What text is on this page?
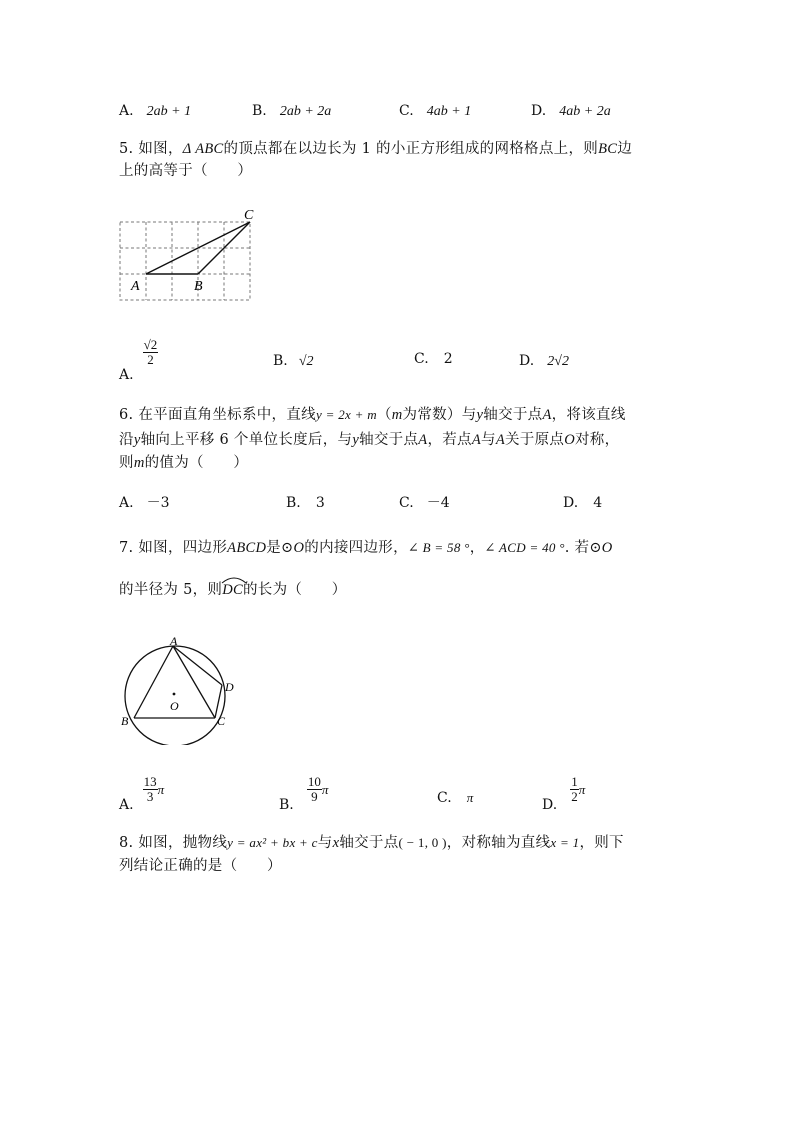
A. 2ab + 1	B. 2ab + 2a	C. 4ab + 1	D. 4ab + 2a
5. 如图，Δ ABC的顶点都在以边长为 1 的小正方形组成的网格格点上，则BC边
上的高等于（　　）
A	B
C
A.
$\frac{√2}{2}$	B. √2	C. 2	D. 2√2
6. 在平面直角坐标系中，直线y = 2x + m（m为常数）与y轴交于点A，将该直线
沿y轴向上平移 6 个单位长度后，与y轴交于点A，若点A与A关于原点O对称，
则m的值为（　　）
A. －3	B. 3	C. －4	D. 4
7. 如图，四边形ABCD是⊙O的内接四边形，∠ B = 58 °，∠ ACD = 40 °. 若⊙O
的半径为 5，则
DC的长为（　　）
A
B	C
D
O
A.
$\frac{13}{3}$ π
B.
$\frac{10}{9}$ π
C. π	D.
$\frac{1}{2}$ π
8. 如图，抛物线y = ax² + bx + c与x轴交于点( − 1, 0 )，对称轴为直线x = 1，则下
列结论正确的是（　　）
